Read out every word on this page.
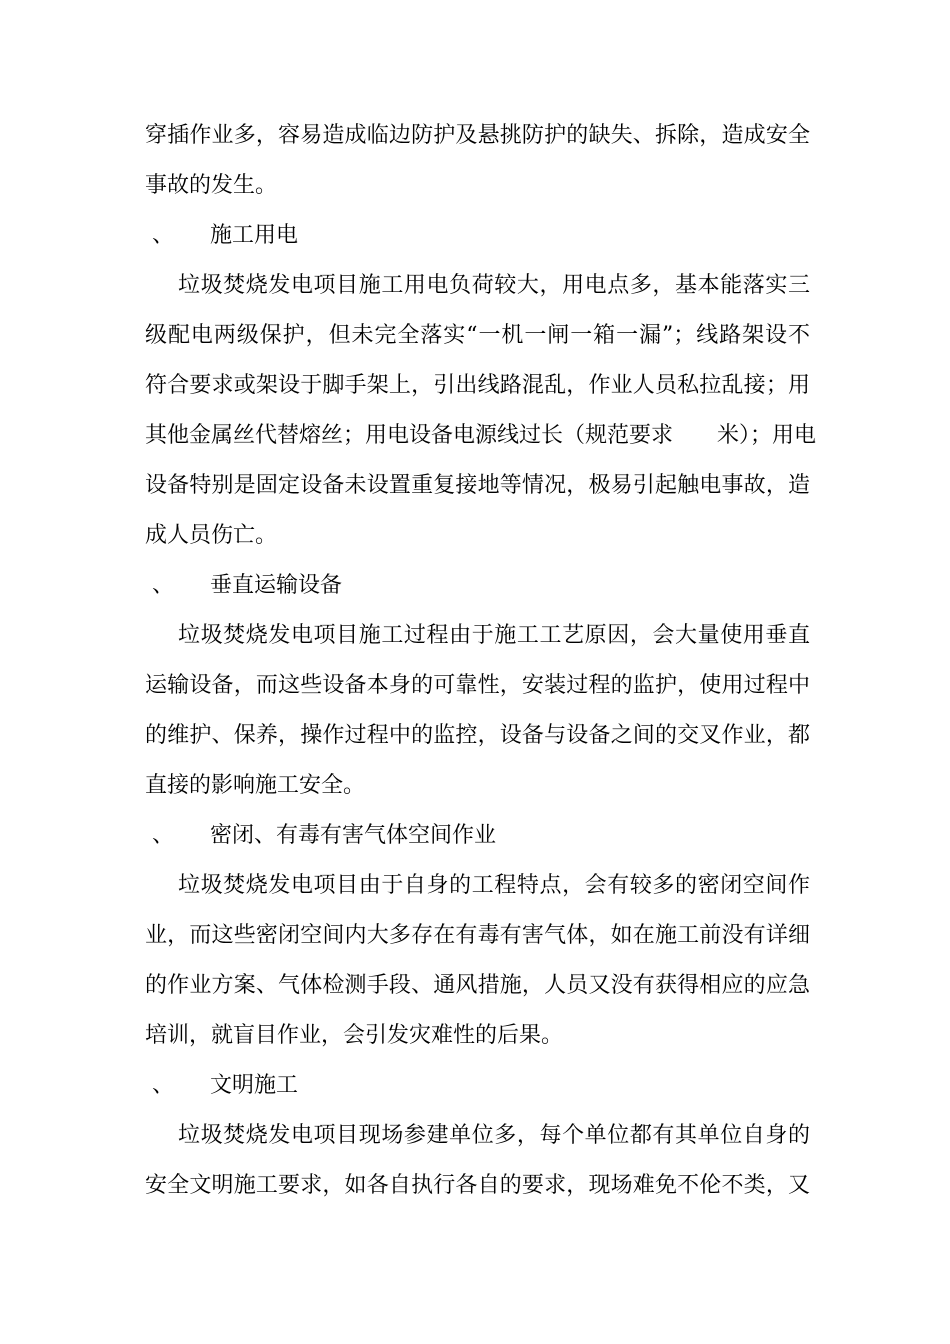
穿插作业多，容易造成临边防护及悬挑防护的缺失、拆除，造成安全
事故的发生。
、 施工用电
垃圾焚烧发电项目施工用电负荷较大，用电点多，基本能落实三
级配电两级保护，但未完全落实“一机一闸一箱一漏”；线路架设不
符合要求或架设于脚手架上，引出线路混乱，作业人员私拉乱接；用
其他金属丝代替熔丝；用电设备电源线过长（规范要求　　米）；用电
设备特别是固定设备未设置重复接地等情况，极易引起触电事故，造
成人员伤亡。
、 垂直运输设备
垃圾焚烧发电项目施工过程由于施工工艺原因，会大量使用垂直
运输设备，而这些设备本身的可靠性，安装过程的监护，使用过程中
的维护、保养，操作过程中的监控，设备与设备之间的交叉作业，都
直接的影响施工安全。
、 密闭、有毒有害气体空间作业
垃圾焚烧发电项目由于自身的工程特点，会有较多的密闭空间作
业，而这些密闭空间内大多存在有毒有害气体，如在施工前没有详细
的作业方案、气体检测手段、通风措施，人员又没有获得相应的应急
培训，就盲目作业，会引发灾难性的后果。
、 文明施工
垃圾焚烧发电项目现场参建单位多，每个单位都有其单位自身的
安全文明施工要求，如各自执行各自的要求，现场难免不伦不类，又
